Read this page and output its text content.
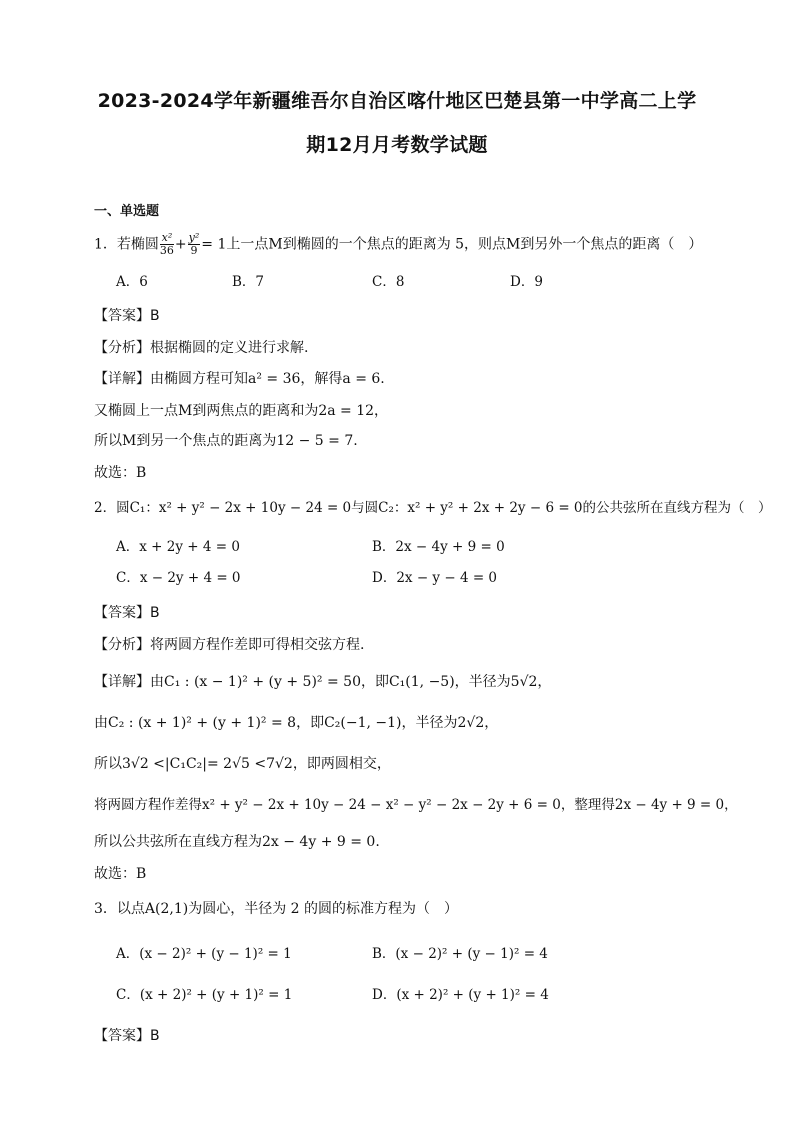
2023-2024学年新疆维吾尔自治区喀什地区巴楚县第一中学高二上学
期12月月考数学试题
一、单选题
1．若椭圆 $\frac{\text{x²}}{36} + \frac{\text{y²}}{9} = 1$上一点M到椭圆的一个焦点的距离为 5，则点M到另外一个焦点的距离（　）
A．6	B．7	C．8	D．9
【答案】B
【分析】根据椭圆的定义进行求解.
【详解】由椭圆方程可知a² = 36，解得a = 6.
又椭圆上一点M到两焦点的距离和为2a = 12，
所以M到另一个焦点的距离为12 − 5 = 7.
故选：B
2．圆C₁：x² + y² − 2x + 10y − 24 = 0与圆C₂：x² + y² + 2x + 2y − 6 = 0的公共弦所在直线方程为（　）
A．x + 2y + 4 = 0	B．2x − 4y + 9 = 0
C．x − 2y + 4 = 0	D．2x − y − 4 = 0
【答案】B
【分析】将两圆方程作差即可得相交弦方程.
【详解】由C₁ : (x − 1)² + (y + 5)² = 50，即C₁(1, −5)，半径为5√2，
由C₂ : (x + 1)² + (y + 1)² = 8，即C₂(−1, −1)，半径为2√2，
所以3√2 <|C₁C₂|= 2√5 <7√2，即两圆相交，
将两圆方程作差得x² + y² − 2x + 10y − 24 − x² − y² − 2x − 2y + 6 = 0，整理得2x − 4y + 9 = 0，
所以公共弦所在直线方程为2x − 4y + 9 = 0.
故选：B
3．以点A(2,1)为圆心，半径为 2 的圆的标准方程为（　）
A．(x − 2)² + (y − 1)² = 1	B．(x − 2)² + (y − 1)² = 4
C．(x + 2)² + (y + 1)² = 1	D．(x + 2)² + (y + 1)² = 4
【答案】B
